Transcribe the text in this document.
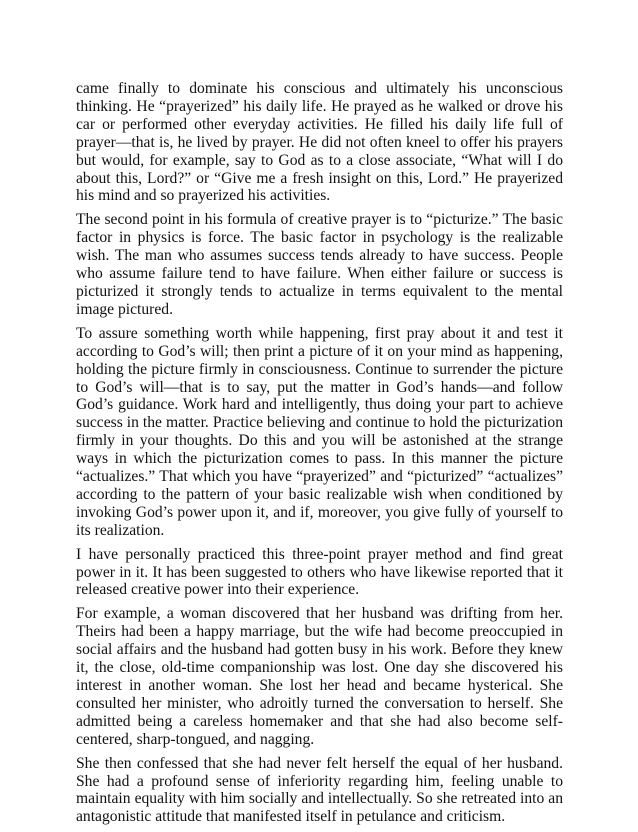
came finally to dominate his conscious and ultimately his unconscious thinking. He “prayerized” his daily life. He prayed as he walked or drove his car or performed other everyday activities. He filled his daily life full of prayer—that is, he lived by prayer. He did not often kneel to offer his prayers but would, for example, say to God as to a close associate, “What will I do about this, Lord?” or “Give me a fresh insight on this, Lord.” He prayerized his mind and so prayerized his activities.

The second point in his formula of creative prayer is to “picturize.” The basic factor in physics is force. The basic factor in psychology is the realizable wish. The man who assumes success tends already to have success. People who assume failure tend to have failure. When either failure or success is picturized it strongly tends to actualize in terms equivalent to the mental image pictured.

To assure something worth while happening, first pray about it and test it according to God’s will; then print a picture of it on your mind as happening, holding the picture firmly in consciousness. Continue to surrender the picture to God’s will—that is to say, put the matter in God’s hands—and follow God’s guidance. Work hard and intelligently, thus doing your part to achieve success in the matter. Practice believing and continue to hold the picturization firmly in your thoughts. Do this and you will be astonished at the strange ways in which the picturization comes to pass. In this manner the picture “actualizes.” That which you have “prayerized” and “picturized” “actualizes” according to the pattern of your basic realizable wish when conditioned by invoking God’s power upon it, and if, moreover, you give fully of yourself to its realization.

I have personally practiced this three-point prayer method and find great power in it. It has been suggested to others who have likewise reported that it released creative power into their experience.

For example, a woman discovered that her husband was drifting from her. Theirs had been a happy marriage, but the wife had become preoccupied in social affairs and the husband had gotten busy in his work. Before they knew it, the close, old-time companionship was lost. One day she discovered his interest in another woman. She lost her head and became hysterical. She consulted her minister, who adroitly turned the conversation to herself. She admitted being a careless homemaker and that she had also become self-centered, sharp-tongued, and nagging.

She then confessed that she had never felt herself the equal of her husband. She had a profound sense of inferiority regarding him, feeling unable to maintain equality with him socially and intellectually. So she retreated into an antagonistic attitude that manifested itself in petulance and criticism.
